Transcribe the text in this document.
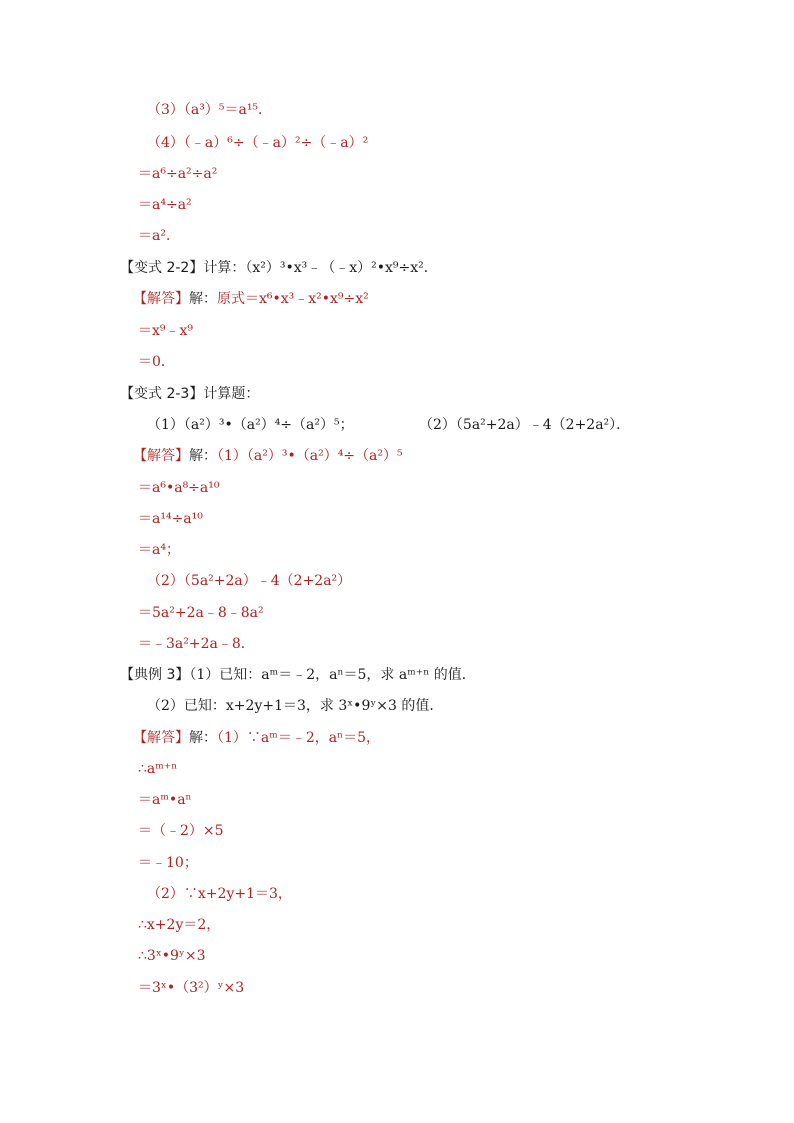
（3）（a³）⁵＝a¹⁵．
（4）（﹣a）⁶÷（﹣a）²÷（﹣a）²
＝a⁶÷a²÷a²
＝a⁴÷a²
＝a²．
【变式 2-2】计算：（x²）³•x³﹣（﹣x）²•x⁹÷x²．
【解答】解：原式＝x⁶•x³﹣x²•x⁹÷x²
＝x⁹﹣x⁹
＝0．
【变式 2-3】计算题：
（1）（a²）³•（a²）⁴÷（a²）⁵；	（2）（5a²+2a）﹣4（2+2a²）．
【解答】解：（1）（a²）³•（a²）⁴÷（a²）⁵
＝a⁶•a⁸÷a¹⁰
＝a¹⁴÷a¹⁰
＝a⁴；
（2）（5a²+2a）﹣4（2+2a²）
＝5a²+2a﹣8﹣8a²
＝﹣3a²+2a﹣8．
【典例 3】（1）已知：aᵐ＝﹣2，aⁿ＝5，求 aᵐ⁺ⁿ 的值．
（2）已知：x+2y+1＝3，求 3ˣ•9ʸ×3 的值．
【解答】解：（1）∵aᵐ＝﹣2，aⁿ＝5，
∴aᵐ⁺ⁿ
＝aᵐ•aⁿ
＝（﹣2）×5
＝﹣10；
（2）∵x+2y+1＝3，
∴x+2y＝2，
∴3ˣ•9ʸ×3
＝3ˣ•（3²）ʸ×3
